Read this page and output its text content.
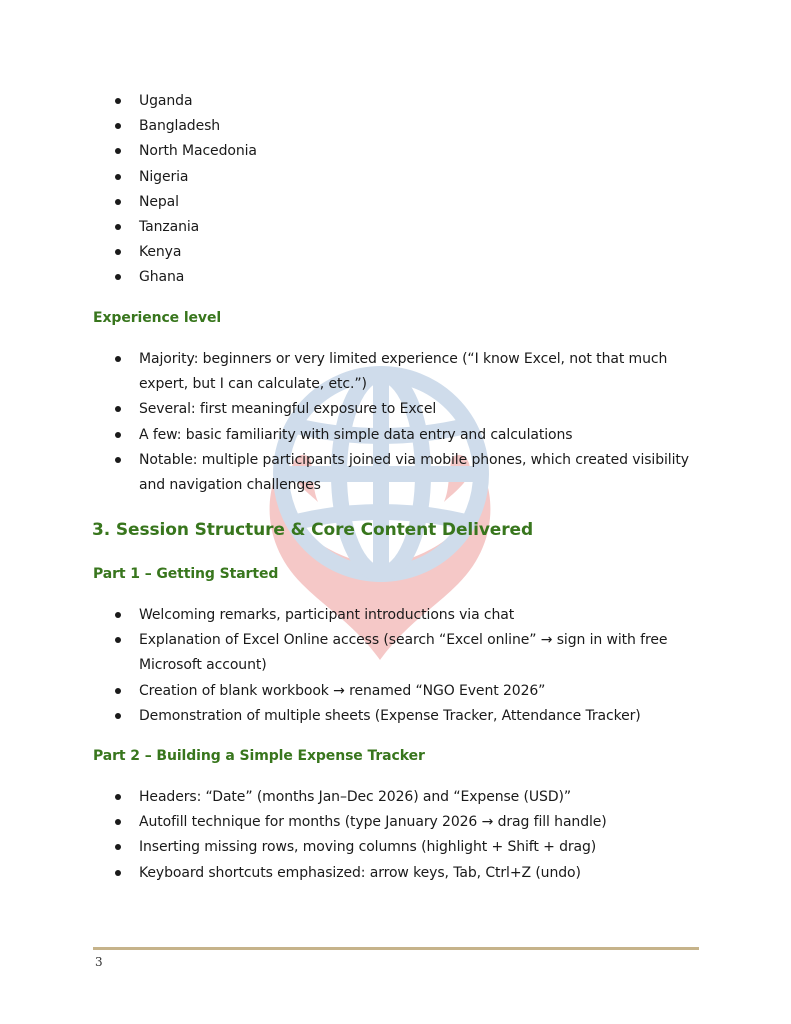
Uganda
Bangladesh
North Macedonia
Nigeria
Nepal
Tanzania
Kenya
Ghana
Experience level
Majority: beginners or very limited experience (“I know Excel, not that much expert, but I can calculate, etc.”)
Several: first meaningful exposure to Excel
A few: basic familiarity with simple data entry and calculations
Notable: multiple participants joined via mobile phones, which created visibility and navigation challenges
3. Session Structure & Core Content Delivered
Part 1 – Getting Started
Welcoming remarks, participant introductions via chat
Explanation of Excel Online access (search “Excel online” → sign in with free Microsoft account)
Creation of blank workbook → renamed “NGO Event 2026”
Demonstration of multiple sheets (Expense Tracker, Attendance Tracker)
Part 2 – Building a Simple Expense Tracker
Headers: “Date” (months Jan–Dec 2026) and “Expense (USD)”
Autofill technique for months (type January 2026 → drag fill handle)
Inserting missing rows, moving columns (highlight + Shift + drag)
Keyboard shortcuts emphasized: arrow keys, Tab, Ctrl+Z (undo)
3
